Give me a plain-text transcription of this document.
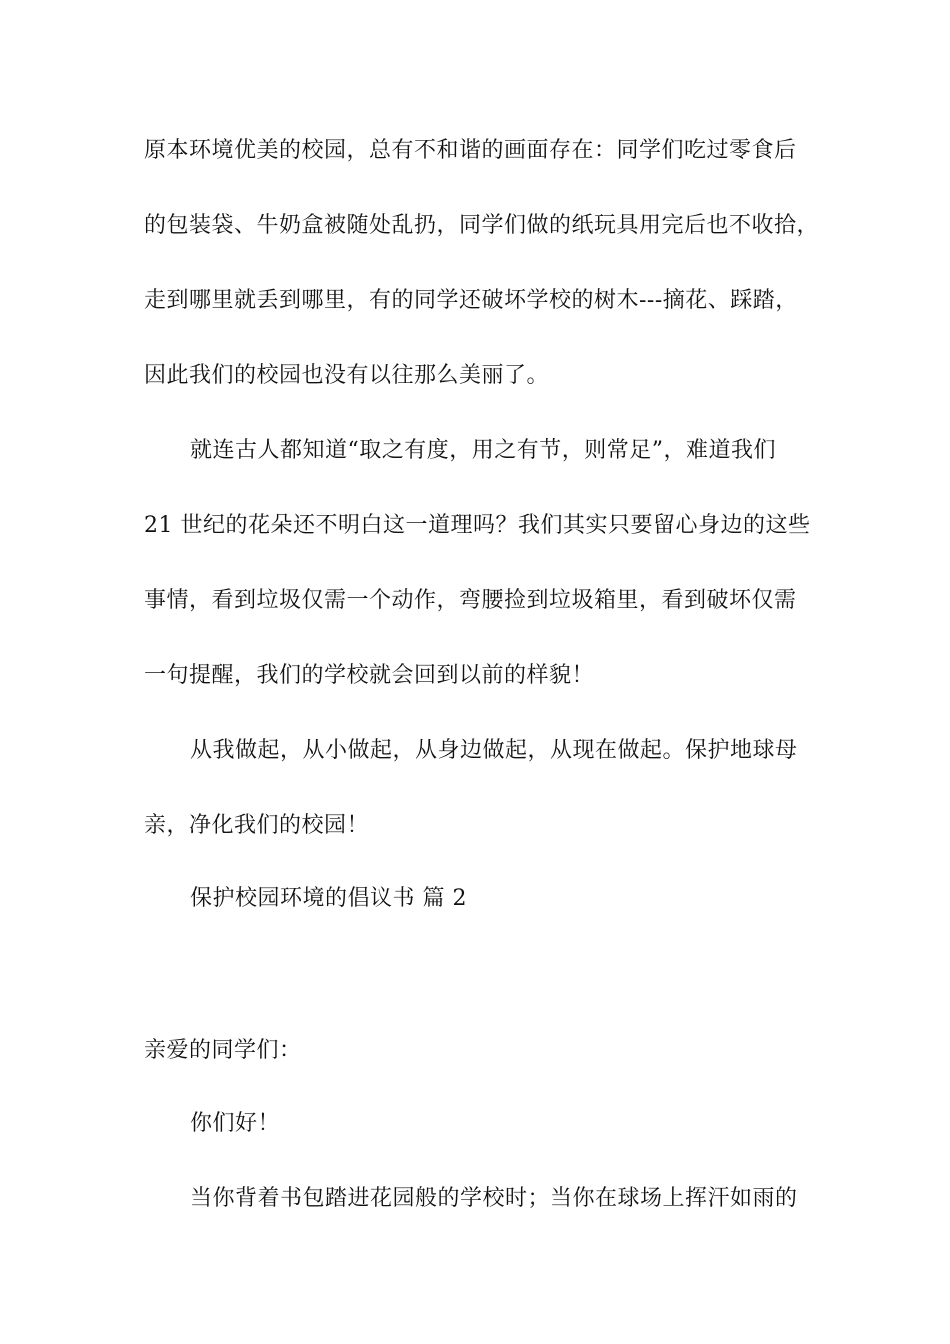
原本环境优美的校园，总有不和谐的画面存在：同学们吃过零食后
的包装袋、牛奶盒被随处乱扔，同学们做的纸玩具用完后也不收拾，
走到哪里就丢到哪里，有的同学还破坏学校的树木---摘花、踩踏，
因此我们的校园也没有以往那么美丽了。
就连古人都知道“取之有度，用之有节，则常足”，难道我们
21 世纪的花朵还不明白这一道理吗？我们其实只要留心身边的这些
事情，看到垃圾仅需一个动作，弯腰捡到垃圾箱里，看到破坏仅需
一句提醒，我们的学校就会回到以前的样貌！
从我做起，从小做起，从身边做起，从现在做起。保护地球母
亲，净化我们的校园！
保护校园环境的倡议书 篇 2
亲爱的同学们：
你们好！
当你背着书包踏进花园般的学校时；当你在球场上挥汗如雨的
